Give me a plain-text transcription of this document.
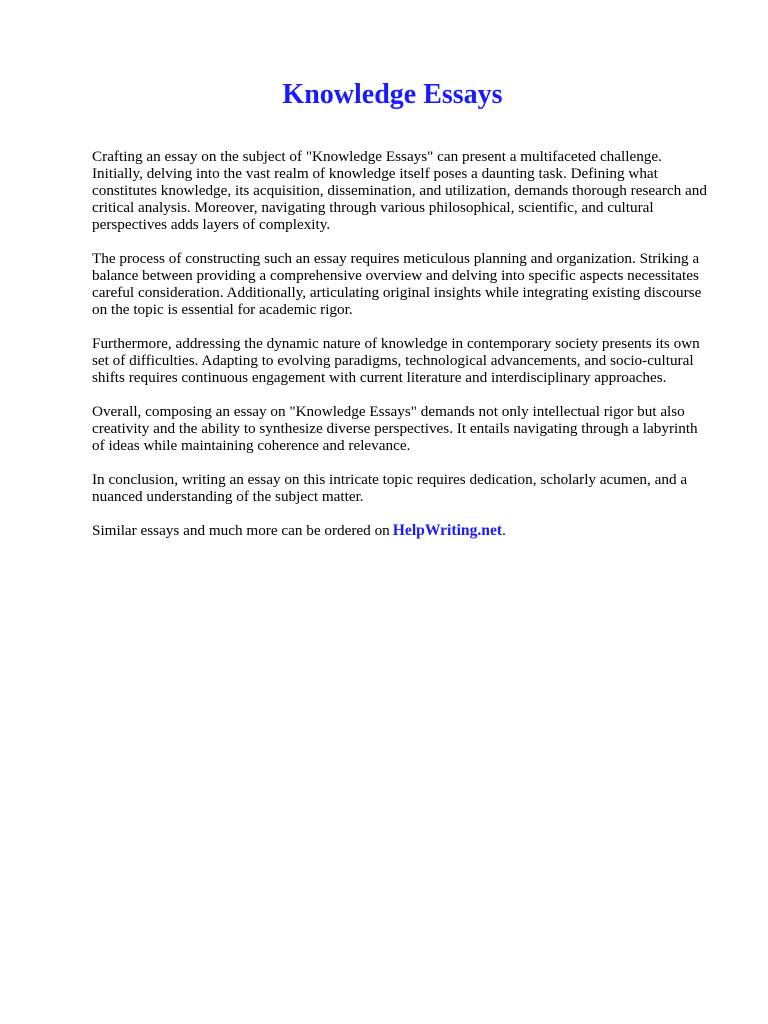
Knowledge Essays

Crafting an essay on the subject of "Knowledge Essays" can present a multifaceted challenge. Initially, delving into the vast realm of knowledge itself poses a daunting task. Defining what constitutes knowledge, its acquisition, dissemination, and utilization, demands thorough research and critical analysis. Moreover, navigating through various philosophical, scientific, and cultural perspectives adds layers of complexity.

The process of constructing such an essay requires meticulous planning and organization. Striking a balance between providing a comprehensive overview and delving into specific aspects necessitates careful consideration. Additionally, articulating original insights while integrating existing discourse on the topic is essential for academic rigor.

Furthermore, addressing the dynamic nature of knowledge in contemporary society presents its own set of difficulties. Adapting to evolving paradigms, technological advancements, and socio-cultural shifts requires continuous engagement with current literature and interdisciplinary approaches.

Overall, composing an essay on "Knowledge Essays" demands not only intellectual rigor but also creativity and the ability to synthesize diverse perspectives. It entails navigating through a labyrinth of ideas while maintaining coherence and relevance.

In conclusion, writing an essay on this intricate topic requires dedication, scholarly acumen, and a nuanced understanding of the subject matter.

Similar essays and much more can be ordered on HelpWriting.net.
